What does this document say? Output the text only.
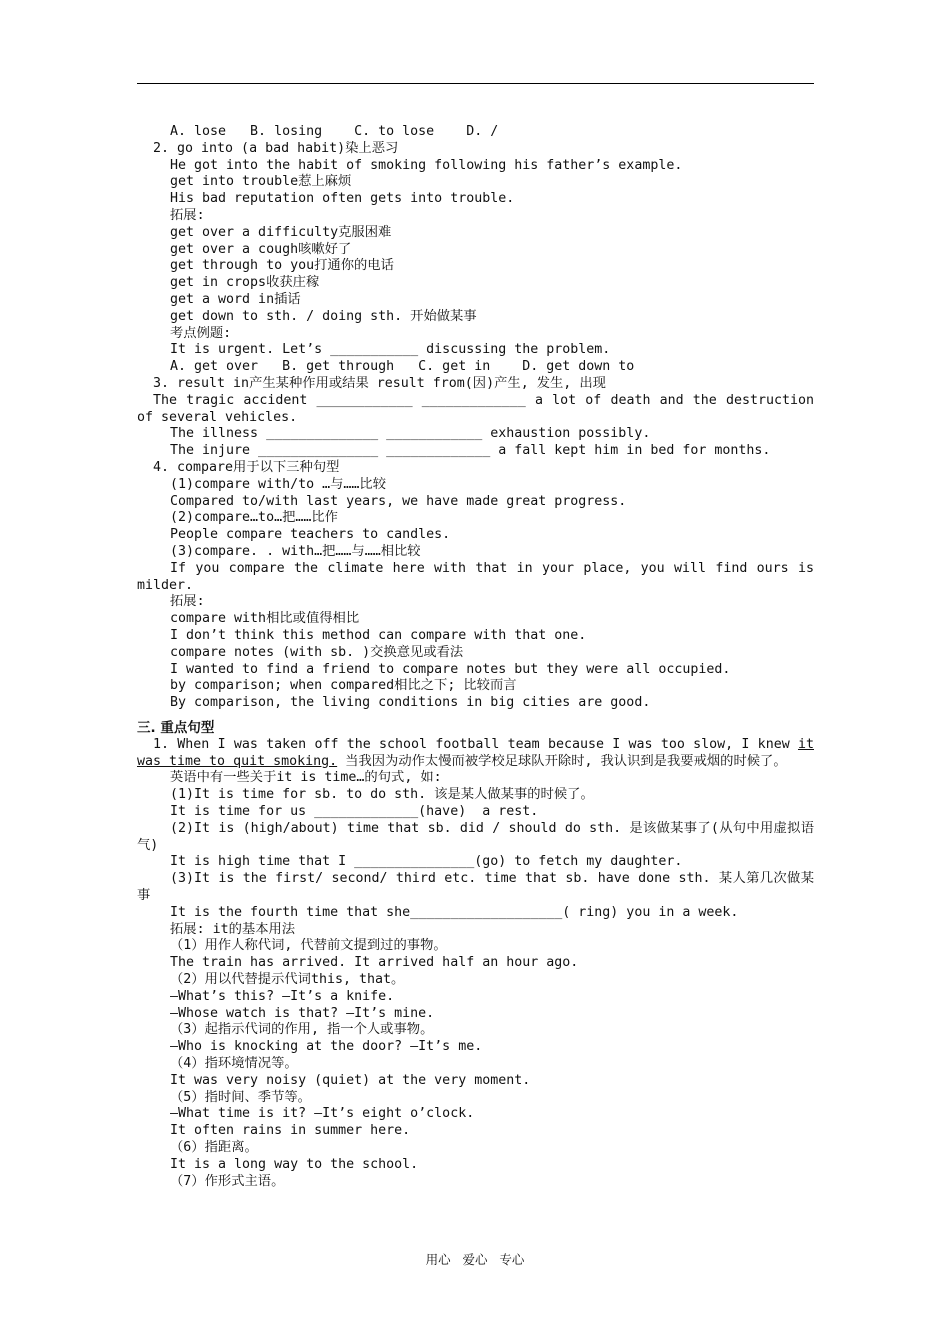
A. lose   B. losing    C. to lose    D. /
2. go into (a bad habit)染上恶习
He got into the habit of smoking following his father’s example.
get into trouble惹上麻烦
His bad reputation often gets into trouble.
拓展:
get over a difficulty克服困难
get over a cough咳嗽好了
get through to you打通你的电话
get in crops收获庄稼
get a word in插话
get down to sth. / doing sth. 开始做某事
考点例题:
It is urgent. Let’s ___________ discussing the problem.
A. get over   B. get through   C. get in    D. get down to
3. result in产生某种作用或结果 result from(因)产生, 发生, 出现
The tragic accident ____________ _____________ a lot of death and the destruction of several vehicles.
The illness ______________ ____________ exhaustion possibly.
The injure _______________ _____________ a fall kept him in bed for months.
4. compare用于以下三种句型
(1)compare with/to …与……比较
Compared to/with last years, we have made great progress.
(2)compare…to…把……比作
People compare teachers to candles.
(3)compare. . with…把……与……相比较
If you compare the climate here with that in your place, you will find ours is milder.
拓展:
compare with相比或值得相比
I don’t think this method can compare with that one.
compare notes (with sb. )交换意见或看法
I wanted to find a friend to compare notes but they were all occupied.
by comparison; when compared相比之下; 比较而言
By comparison, the living conditions in big cities are good.
三. 重点句型
1. When I was taken off the school football team because I was too slow, I knew it was time to quit smoking. 当我因为动作太慢而被学校足球队开除时, 我认识到是我要戒烟的时候了。
英语中有一些关于it is time…的句式, 如:
(1)It is time for sb. to do sth. 该是某人做某事的时候了。
It is time for us _____________(have)  a rest.
(2)It is (high/about) time that sb. did / should do sth. 是该做某事了(从句中用虚拟语气)
It is high time that I _______________(go) to fetch my daughter.
(3)It is the first/ second/ third etc. time that sb. have done sth. 某人第几次做某事
It is the fourth time that she___________________( ring) you in a week.
拓展: it的基本用法
（1）用作人称代词, 代替前文提到过的事物。
The train has arrived. It arrived half an hour ago.
（2）用以代替提示代词this, that。
—What’s this? —It’s a knife.
—Whose watch is that? —It’s mine.
（3）起指示代词的作用, 指一个人或事物。
—Who is knocking at the door? —It’s me.
（4）指环境情况等。
It was very noisy (quiet) at the very moment.
（5）指时间、季节等。
—What time is it? —It’s eight o’clock.
It often rains in summer here.
（6）指距离。
It is a long way to the school.
（7）作形式主语。
用心   爱心   专心
